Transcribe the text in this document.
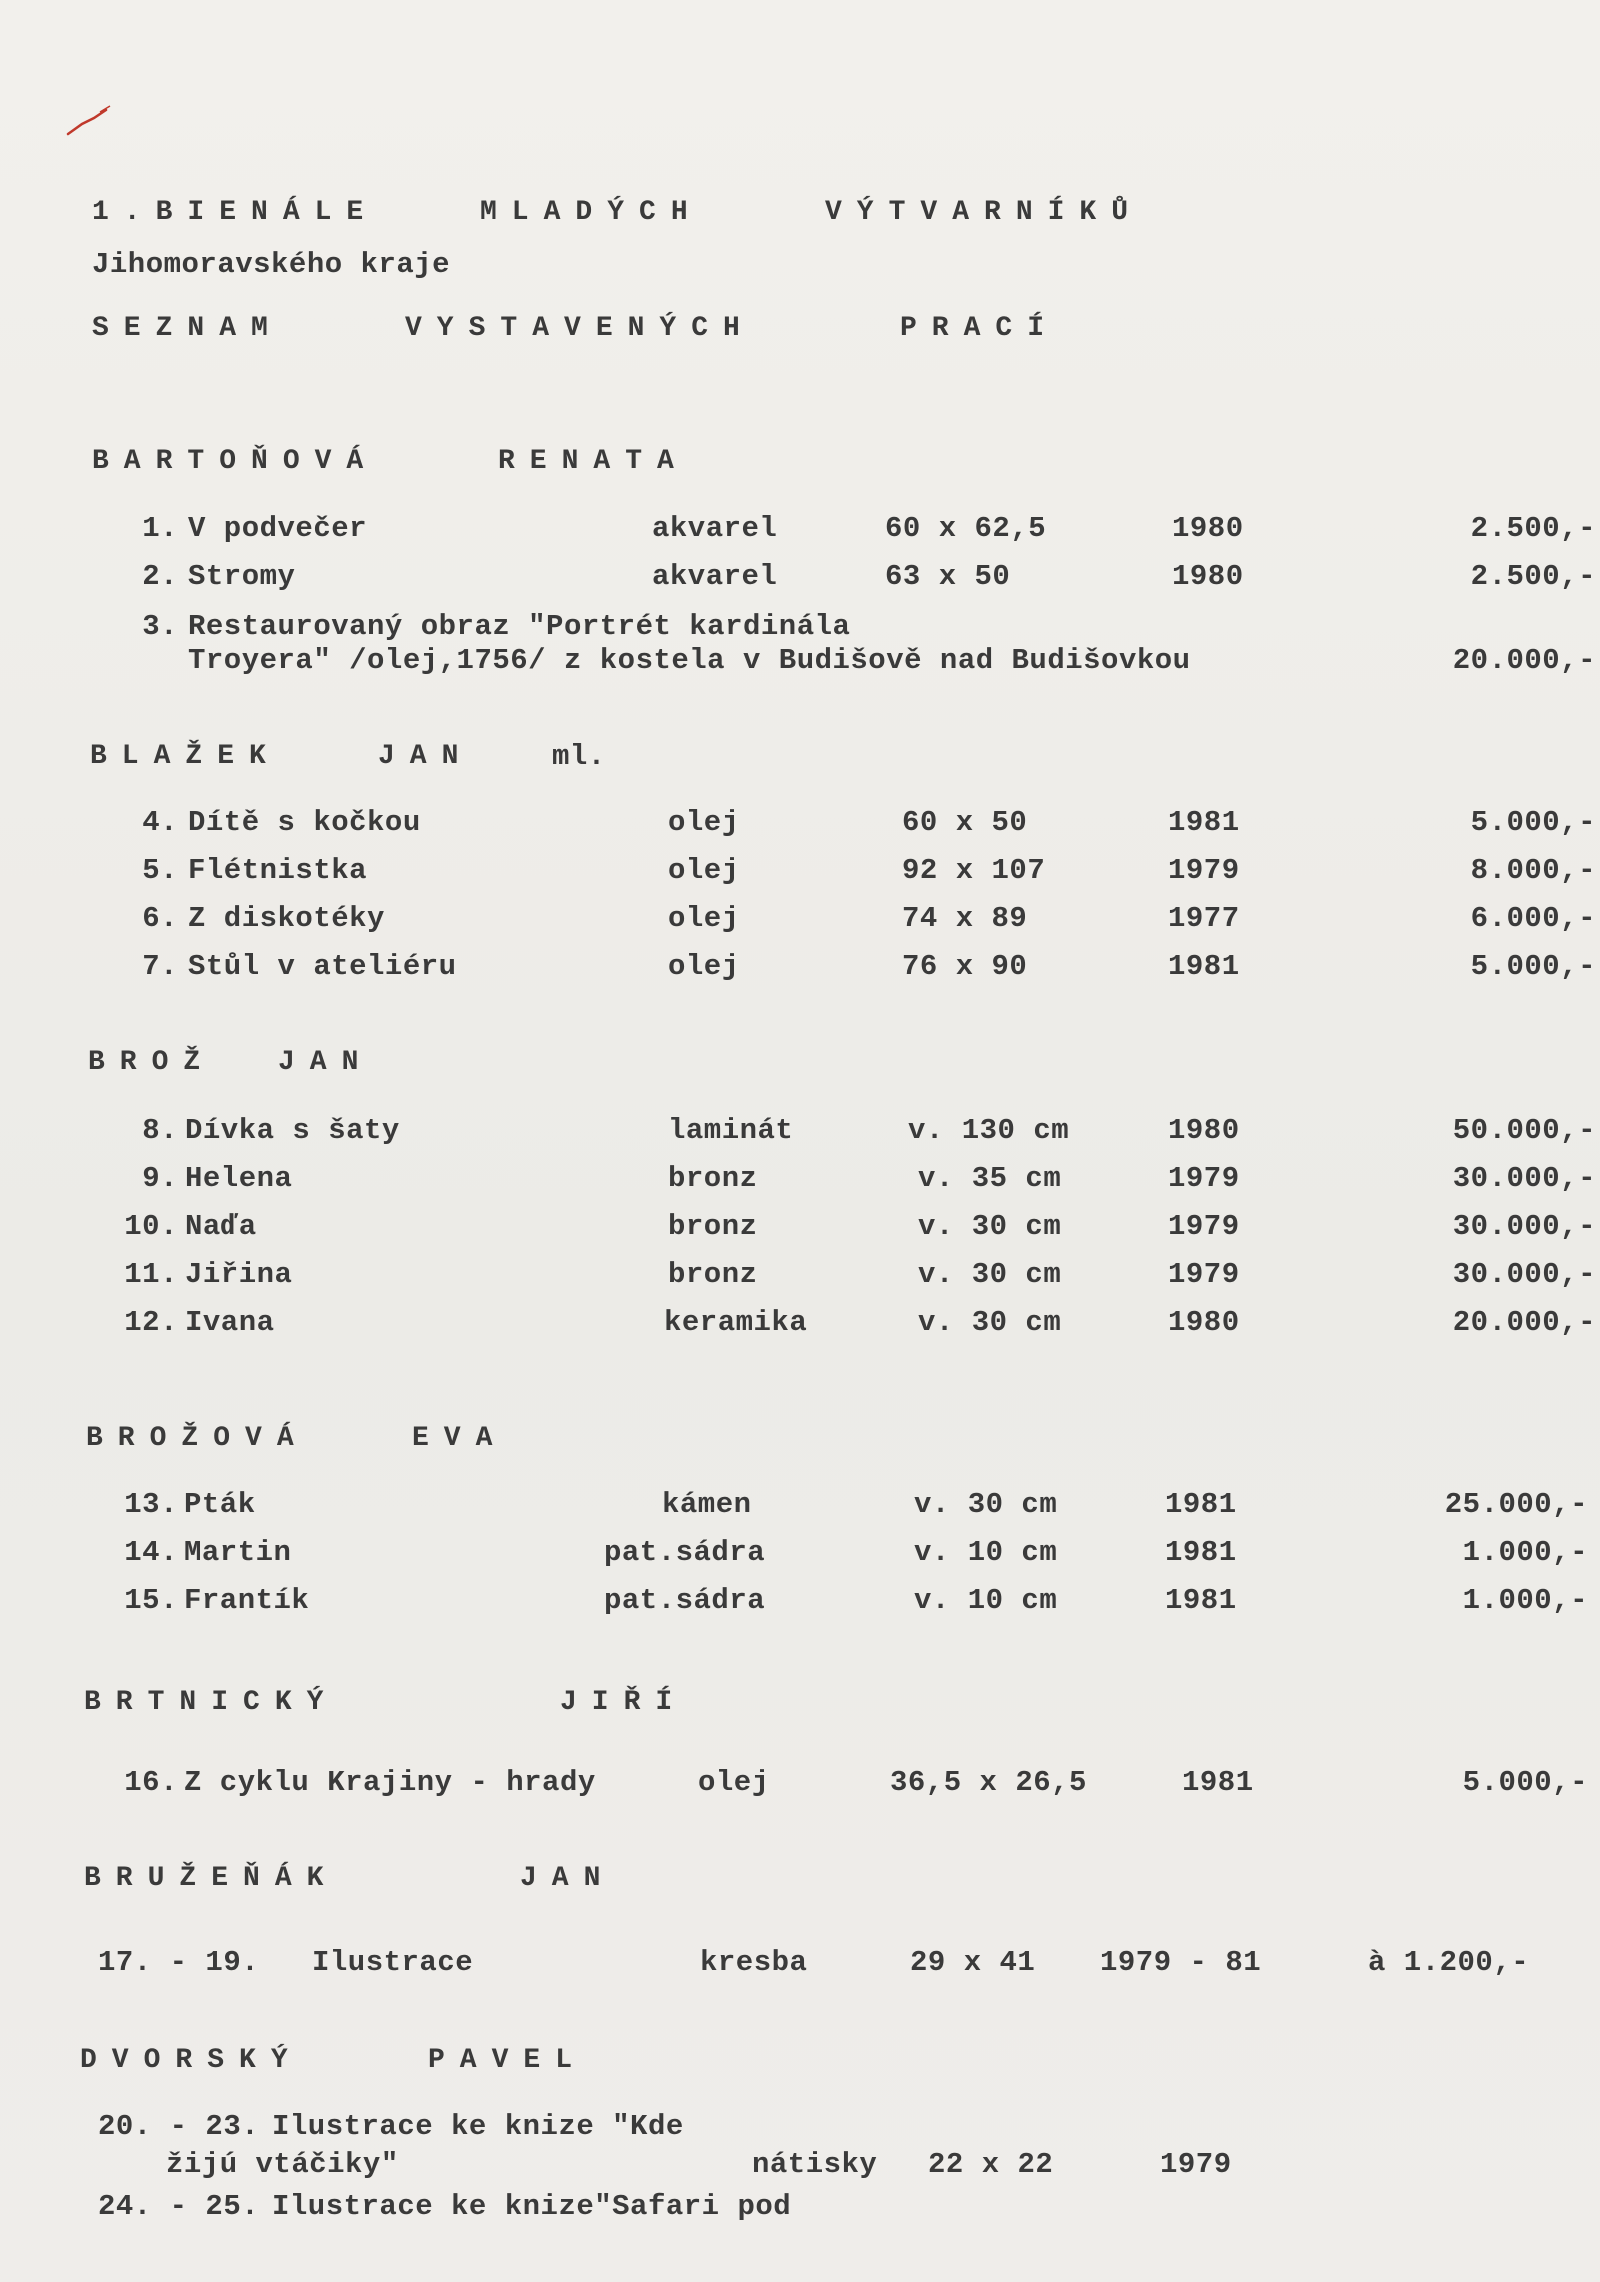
1.BIENÁLE	MLADÝCH	VÝTVARNÍKŮ
Jihomoravského kraje
SEZNAM	VYSTAVENÝCH	PRACÍ
BARTOŇOVÁ	RENATA
1. V podvečer	akvarel	60 x 62,5	1980	2.500,-
2. Stromy	akvarel	63 x 50	1980	2.500,-
3. Restaurovaný obraz "Portrét kardinála
Troyera" /olej,1756/ z kostela v Budišově nad Budišovkou	20.000,-
BLAŽEK	JAN	ml.
4. Dítě s kočkou	olej	60 x 50	1981	5.000,-
5. Flétnistka	olej	92 x 107	1979	8.000,-
6. Z diskotéky	olej	74 x 89	1977	6.000,-
7. Stůl v ateliéru	olej	76 x 90	1981	5.000,-
BROŽ JAN
8. Dívka s šaty	laminát	v. 130 cm	1980	50.000,-
9. Helena	bronz	v. 35 cm	1979	30.000,-
10. Naďa	bronz	v. 30 cm	1979	30.000,-
11. Jiřina	bronz	v. 30 cm	1979	30.000,-
12. Ivana	keramika	v. 30 cm	1980	20.000,-
BROŽOVÁ	EVA
13. Pták	kámen	v. 30 cm	1981	25.000,-
14. Martin	pat.sádra	v. 10 cm	1981	1.000,-
15. Frantík	pat.sádra	v. 10 cm	1981	1.000,-
BRTNICKÝ	JIŘÍ
16. Z cyklu Krajiny - hrady	olej	36,5 x 26,5	1981	5.000,-
BRUŽEŇÁK	JAN
17. - 19. Ilustrace	kresba	29 x 41 1979 - 81	à 1.200,-
DVORSKÝ	PAVEL
20. - 23. Ilustrace ke knize "Kde
žijú vtáčiky"	nátisky 22 x 22	1979
24. - 25. Ilustrace ke knize"Safari pod
